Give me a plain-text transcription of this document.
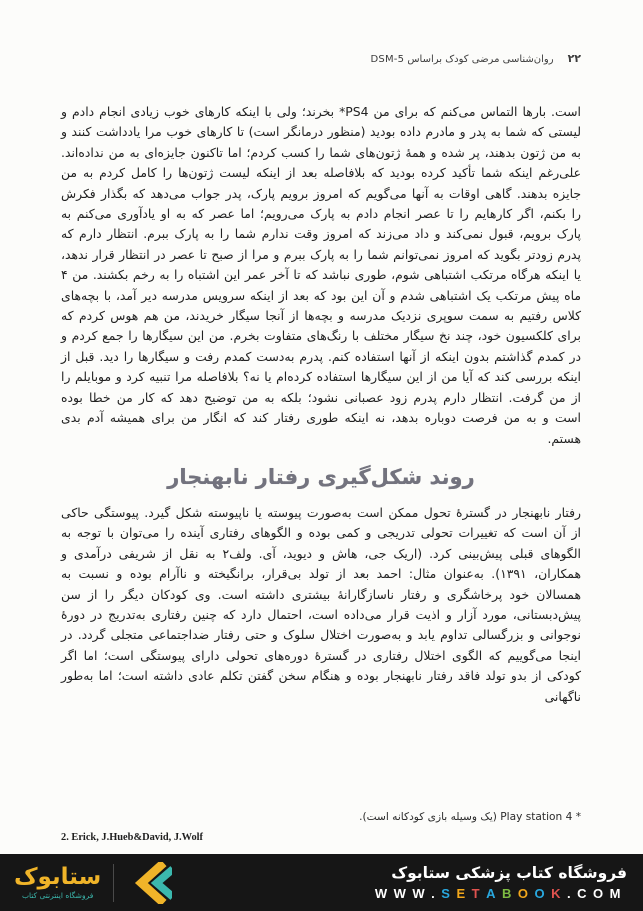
۲۲
روان‌شناسی مرضی کودک براساس DSM-5

است. بارها التماس می‌کنم که برای من PS4* بخرند؛ ولی با اینکه کارهای خوب زیادی انجام دادم و لیستی که شما به پدر و مادرم داده بودید (منظور درمانگر است) تا کارهای خوب مرا یادداشت کنند و به من ژتون بدهند، پر شده و همهٔ ژتون‌های شما را کسب کردم؛ اما تاکنون جایزه‌ای به من نداده‌اند. علی‌رغم اینکه شما تأکید کرده بودید که بلافاصله بعد از اینکه لیست ژتون‌ها را کامل کردم به من جایزه بدهند. گاهی اوقات به آنها می‌گویم که امروز برویم پارک، پدر جواب می‌دهد که بگذار فکرش را بکنم، اگر کارهایم را تا عصر انجام دادم به پارک می‌رویم؛ اما عصر که به او یادآوری می‌کنم به پارک برویم، قبول نمی‌کند و داد می‌زند که امروز وقت ندارم شما را به پارک ببرم. انتظار دارم که پدرم زودتر بگوید که امروز نمی‌توانم شما را به پارک ببرم و مرا از صبح تا عصر در انتظار قرار ندهد، یا اینکه هرگاه مرتکب اشتباهی شوم، طوری نباشد که تا آخر عمر این اشتباه را به رخم بکشند. من ۴ ماه پیش مرتکب یک اشتباهی شدم و آن این بود که بعد از اینکه سرویس مدرسه دیر آمد، با بچه‌های کلاس رفتیم به سمت سوپری نزدیک مدرسه و بچه‌ها از آنجا سیگار خریدند، من هم هوس کردم که برای کلکسیون خود، چند نخ سیگار مختلف با رنگ‌های متفاوت بخرم. من این سیگارها را جمع کردم و در کمدم گذاشتم بدون اینکه از آنها استفاده کنم. پدرم به‌دست کمدم رفت و سیگارها را دید. قبل از اینکه بررسی کند که آیا من از این سیگارها استفاده کرده‌ام یا نه؟ بلافاصله مرا تنبیه کرد و موبایلم را از من گرفت. انتظار دارم پدرم زود عصبانی نشود؛ بلکه به من توضیح دهد که کار من خطا بوده است و به من فرصت دوباره بدهد، نه اینکه طوری رفتار کند که انگار من برای همیشه آدم بدی هستم.

روند شکل‌گیری رفتار نابهنجار

رفتار نابهنجار در گسترهٔ تحول ممکن است به‌صورت پیوسته یا ناپیوسته شکل گیرد. پیوستگی حاکی از آن است که تغییرات تحولی تدریجی و کمی بوده و الگوهای رفتاری آینده را می‌توان با توجه به الگوهای قبلی پیش‌بینی کرد. (اریک جی، هاش و دیوید، آی. ولف۲ به نقل از شریفی درآمدی و همکاران، ۱۳۹۱). به‌عنوان مثال: احمد بعد از تولد بی‌قرار، برانگیخته و ناآرام بوده و نسبت به همسالان خود پرخاشگری و رفتار ناسازگارانهٔ بیشتری داشته است. وی کودکان دیگر را از سن پیش‌دبستانی، مورد آزار و اذیت قرار می‌داده است، احتمال دارد که چنین رفتاری به‌تدریج در دورهٔ نوجوانی و بزرگسالی تداوم یابد و به‌صورت اختلال سلوک و حتی رفتار ضداجتماعی متجلی گردد. در اینجا می‌گوییم که الگوی اختلال رفتاری در گسترهٔ دوره‌های تحولی دارای پیوستگی است؛ اما اگر کودکی از بدو تولد فاقد رفتار نابهنجار بوده و هنگام سخن گفتن تکلم عادی داشته است؛ اما به‌طور ناگهانی

* Play station 4 (یک وسیله بازی کودکانه است).
2. Erick, J.Hueb&David, J.Wolf
ستابوک
فروشگاه اینترنتی کتاب
فروشگاه کتاب پزشکی ستابوک
WWW.SETABOOK.COM
